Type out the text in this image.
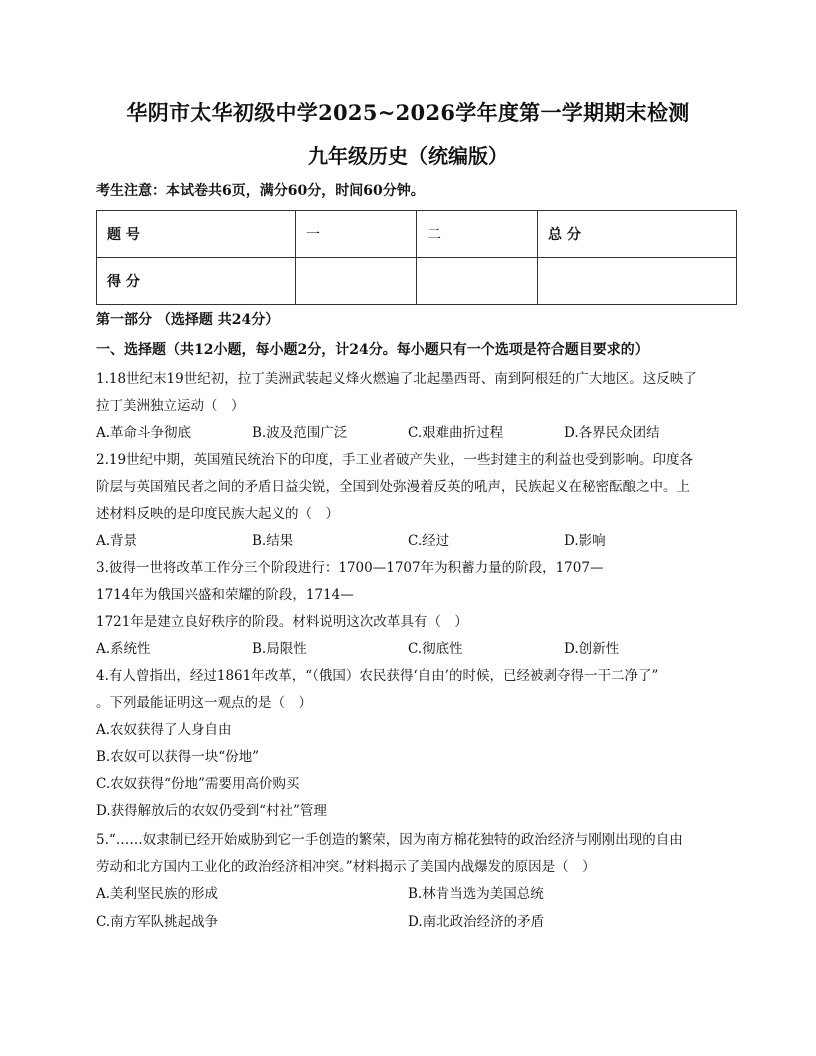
华阴市太华初级中学2025~2026学年度第一学期期末检测
九年级历史（统编版）
考生注意：本试卷共6页，满分60分，时间60分钟。
题 号	一	二	总 分
得 分			
第一部分 （选择题 共24分）
一、选择题（共12小题，每小题2分，计24分。每小题只有一个选项是符合题目要求的）
1.18世纪末19世纪初，拉丁美洲武装起义烽火燃遍了北起墨西哥、南到阿根廷的广大地区。这反映了
拉丁美洲独立运动（　）
A.革命斗争彻底	B.波及范围广泛	C.艰难曲折过程	D.各界民众团结
2.19世纪中期，英国殖民统治下的印度，手工业者破产失业，一些封建主的利益也受到影响。印度各
阶层与英国殖民者之间的矛盾日益尖锐，全国到处弥漫着反英的吼声，民族起义在秘密酝酿之中。上
述材料反映的是印度民族大起义的（　）
A.背景	B.结果	C.经过	D.影响
3.彼得一世将改革工作分三个阶段进行：1700—1707年为积蓄力量的阶段，1707—
1714年为俄国兴盛和荣耀的阶段，1714—
1721年是建立良好秩序的阶段。材料说明这次改革具有（　）
A.系统性	B.局限性	C.彻底性	D.创新性
4.有人曾指出，经过1861年改革，“（俄国）农民获得‘自由’的时候，已经被剥夺得一干二净了”
。下列最能证明这一观点的是（　）
A.农奴获得了人身自由
B.农奴可以获得一块“份地”
C.农奴获得“份地”需要用高价购买
D.获得解放后的农奴仍受到“村社”管理
5.“……奴隶制已经开始威胁到它一手创造的繁荣，因为南方棉花独特的政治经济与刚刚出现的自由
劳动和北方国内工业化的政治经济相冲突。”材料揭示了美国内战爆发的原因是（　）
A.美利坚民族的形成	B.林肯当选为美国总统
C.南方军队挑起战争	D.南北政治经济的矛盾
